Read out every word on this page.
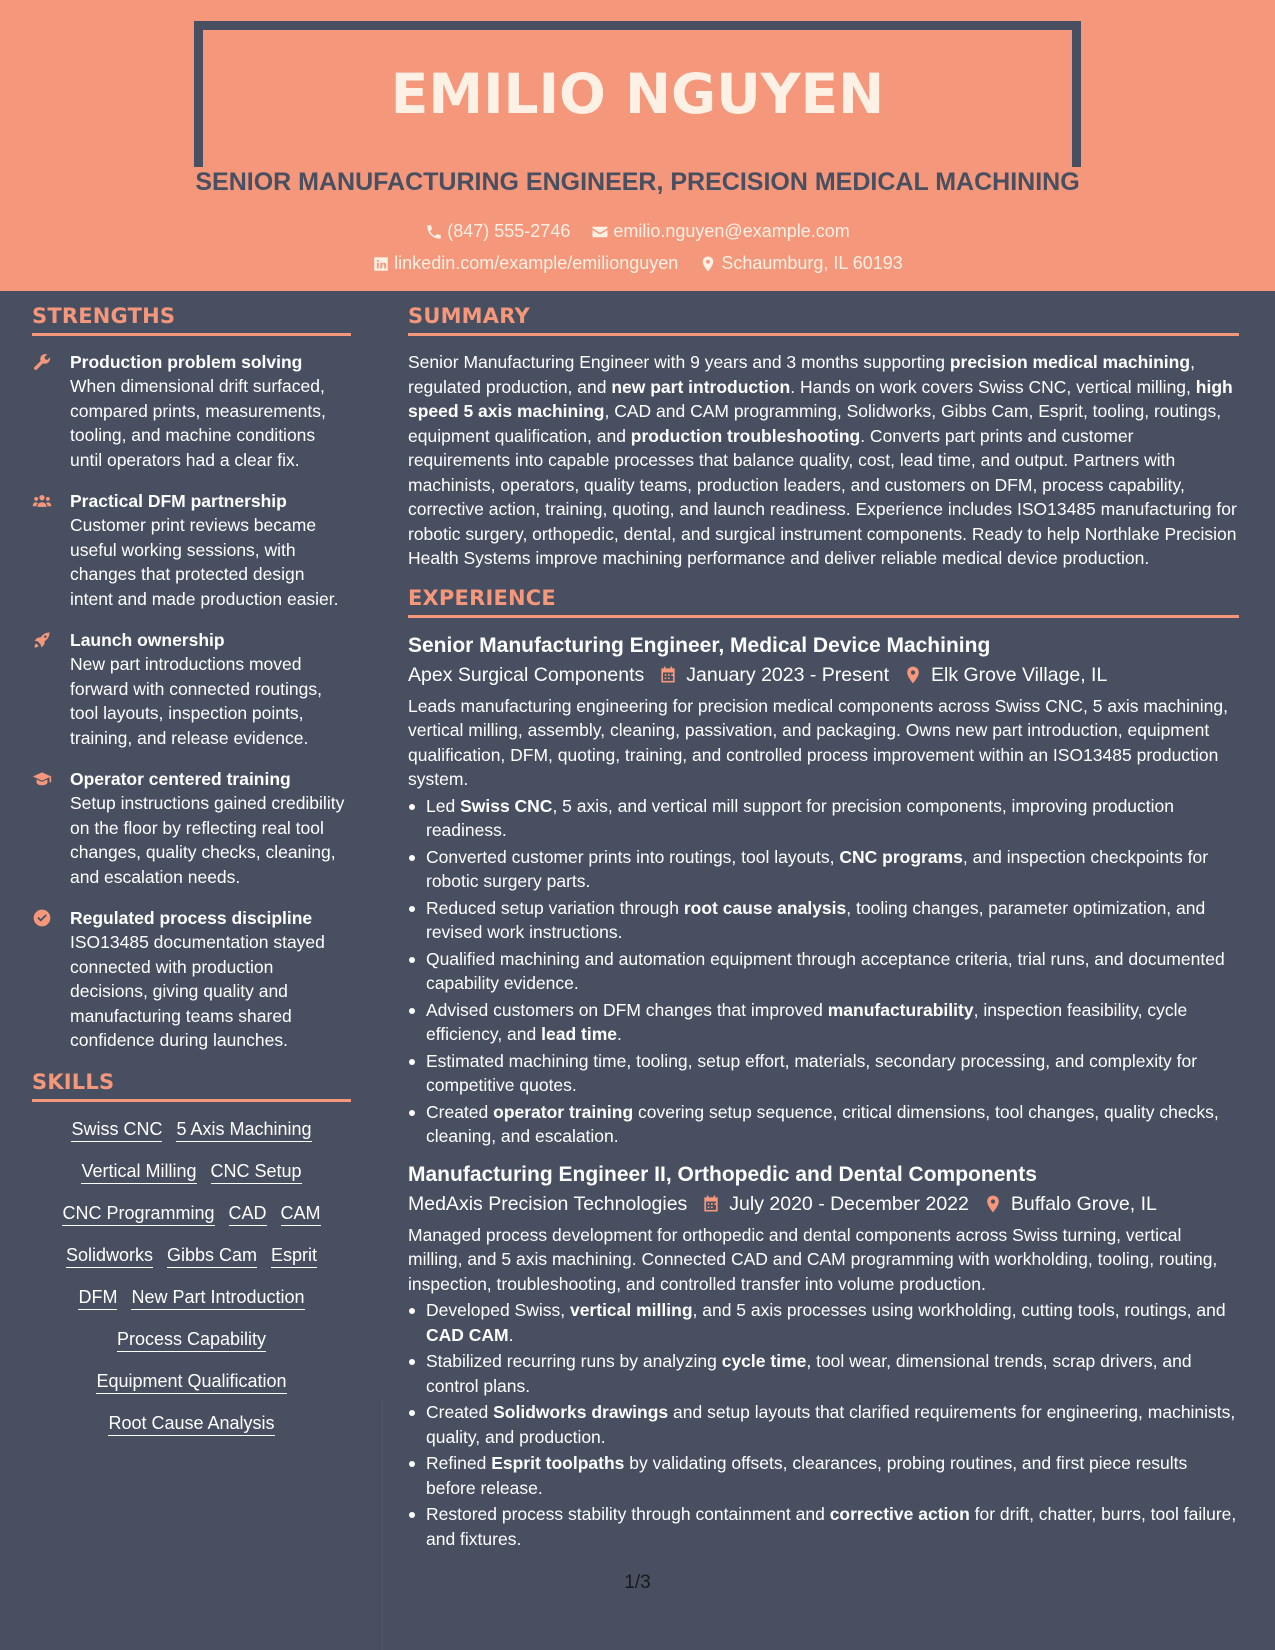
EMILIO NGUYEN
SENIOR MANUFACTURING ENGINEER, PRECISION MEDICAL MACHINING
(847) 555-2746
emilio.nguyen@example.com
linkedin.com/example/emilionguyen
Schaumburg, IL 60193
STRENGTHS
Production problem solving
When dimensional drift surfaced, compared prints, measurements, tooling, and machine conditions until operators had a clear fix.
Practical DFM partnership
Customer print reviews became useful working sessions, with changes that protected design intent and made production easier.
Launch ownership
New part introductions moved forward with connected routings, tool layouts, inspection points, training, and release evidence.
Operator centered training
Setup instructions gained credibility on the floor by reflecting real tool changes, quality checks, cleaning, and escalation needs.
Regulated process discipline
ISO13485 documentation stayed connected with production decisions, giving quality and manufacturing teams shared confidence during launches.
SKILLS
Swiss CNC 5 Axis Machining
Vertical Milling CNC Setup
CNC Programming CAD CAM
Solidworks Gibbs Cam Esprit
DFM New Part Introduction
Process Capability
Equipment Qualification
Root Cause Analysis
SUMMARY
Senior Manufacturing Engineer with 9 years and 3 months supporting precision medical machining, regulated production, and new part introduction. Hands on work covers Swiss CNC, vertical milling, high speed 5 axis machining, CAD and CAM programming, Solidworks, Gibbs Cam, Esprit, tooling, routings, equipment qualification, and production troubleshooting. Converts part prints and customer requirements into capable processes that balance quality, cost, lead time, and output. Partners with machinists, operators, quality teams, production leaders, and customers on DFM, process capability, corrective action, training, quoting, and launch readiness. Experience includes ISO13485 manufacturing for robotic surgery, orthopedic, dental, and surgical instrument components. Ready to help Northlake Precision Health Systems improve machining performance and deliver reliable medical device production.
EXPERIENCE
Senior Manufacturing Engineer, Medical Device Machining
Apex Surgical Components January 2023 - Present Elk Grove Village, IL
Leads manufacturing engineering for precision medical components across Swiss CNC, 5 axis machining, vertical milling, assembly, cleaning, passivation, and packaging. Owns new part introduction, equipment qualification, DFM, quoting, training, and controlled process improvement within an ISO13485 production system.
Led Swiss CNC, 5 axis, and vertical mill support for precision components, improving production readiness.
Converted customer prints into routings, tool layouts, CNC programs, and inspection checkpoints for robotic surgery parts.
Reduced setup variation through root cause analysis, tooling changes, parameter optimization, and revised work instructions.
Qualified machining and automation equipment through acceptance criteria, trial runs, and documented capability evidence.
Advised customers on DFM changes that improved manufacturability, inspection feasibility, cycle efficiency, and lead time.
Estimated machining time, tooling, setup effort, materials, secondary processing, and complexity for competitive quotes.
Created operator training covering setup sequence, critical dimensions, tool changes, quality checks, cleaning, and escalation.
Manufacturing Engineer II, Orthopedic and Dental Components
MedAxis Precision Technologies July 2020 - December 2022 Buffalo Grove, IL
Managed process development for orthopedic and dental components across Swiss turning, vertical milling, and 5 axis machining. Connected CAD and CAM programming with workholding, tooling, routing, inspection, troubleshooting, and controlled transfer into volume production.
Developed Swiss, vertical milling, and 5 axis processes using workholding, cutting tools, routings, and CAD CAM.
Stabilized recurring runs by analyzing cycle time, tool wear, dimensional trends, scrap drivers, and control plans.
Created Solidworks drawings and setup layouts that clarified requirements for engineering, machinists, quality, and production.
Refined Esprit toolpaths by validating offsets, clearances, probing routines, and first piece results before release.
Restored process stability through containment and corrective action for drift, chatter, burrs, tool failure, and fixtures.
1/3
